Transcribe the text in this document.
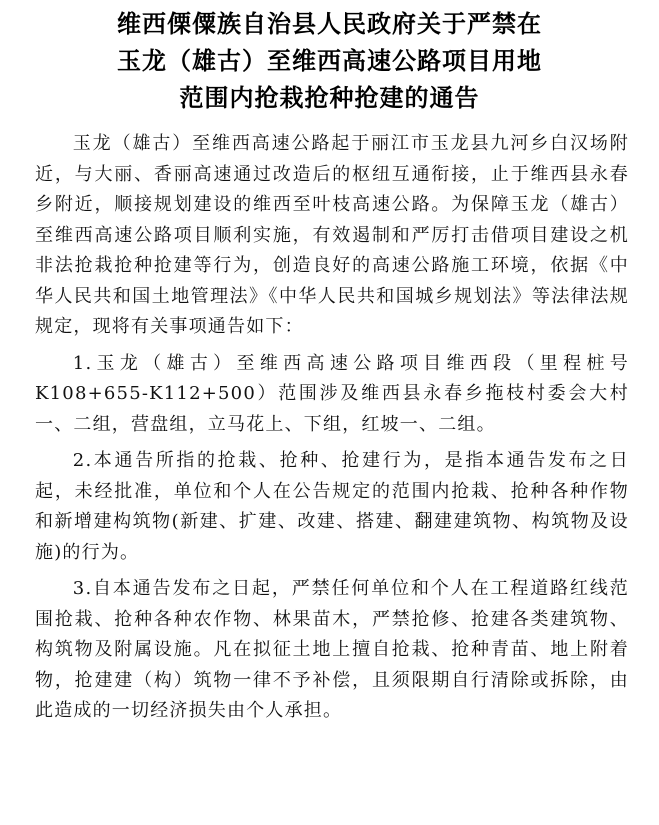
维西傈僳族自治县人民政府关于严禁在
玉龙（雄古）至维西高速公路项目用地
范围内抢栽抢种抢建的通告

玉龙（雄古）至维西高速公路起于丽江市玉龙县九河乡白汉场附近，与大丽、香丽高速通过改造后的枢纽互通衔接，止于维西县永春乡附近，顺接规划建设的维西至叶枝高速公路。为保障玉龙（雄古）至维西高速公路项目顺利实施，有效遏制和严厉打击借项目建设之机非法抢栽抢种抢建等行为，创造良好的高速公路施工环境，依据《中华人民共和国土地管理法》《中华人民共和国城乡规划法》等法律法规规定，现将有关事项通告如下：

1.玉龙（雄古）至维西高速公路项目维西段（里程桩号K108+655-K112+500）范围涉及维西县永春乡拖枝村委会大村一、二组，营盘组，立马花上、下组，红坡一、二组。

2.本通告所指的抢栽、抢种、抢建行为，是指本通告发布之日起，未经批准，单位和个人在公告规定的范围内抢栽、抢种各种作物和新增建构筑物(新建、扩建、改建、搭建、翻建建筑物、构筑物及设施)的行为。

3.自本通告发布之日起，严禁任何单位和个人在工程道路红线范围抢栽、抢种各种农作物、林果苗木，严禁抢修、抢建各类建筑物、构筑物及附属设施。凡在拟征土地上擅自抢栽、抢种青苗、地上附着物，抢建建（构）筑物一律不予补偿，且须限期自行清除或拆除，由此造成的一切经济损失由个人承担。
